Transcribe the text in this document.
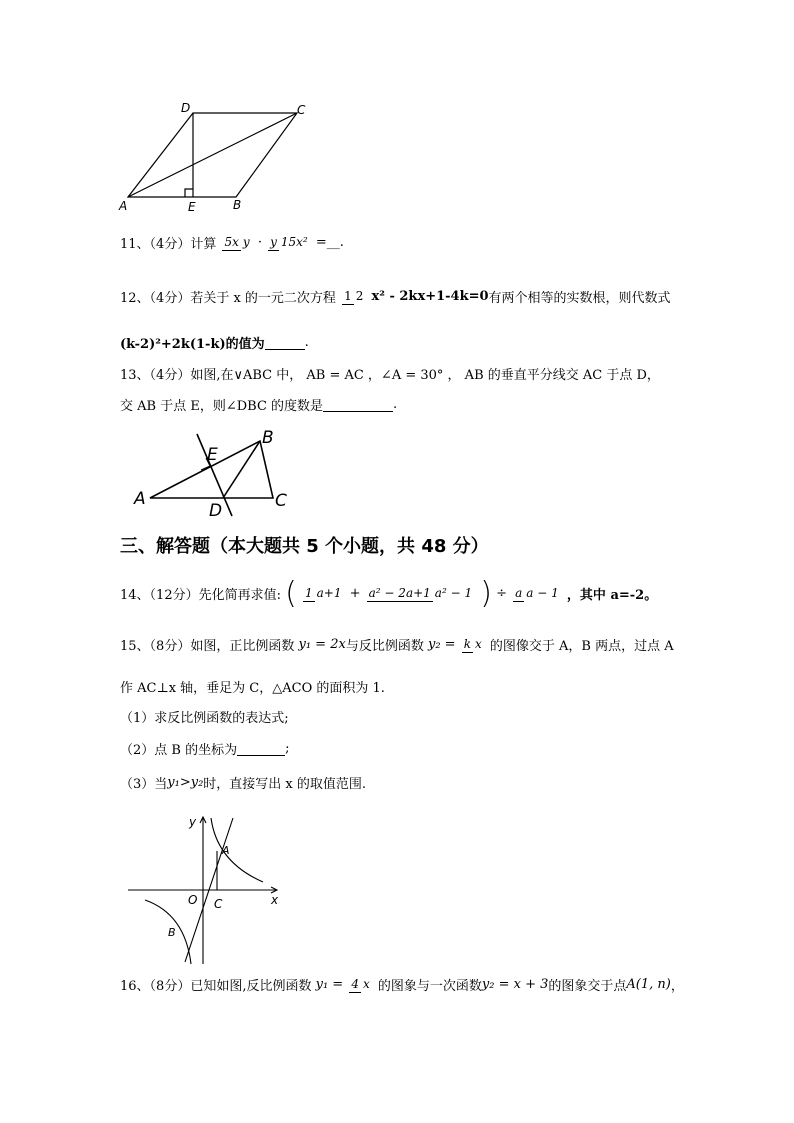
A	E	B
D	C
11、（4分）计算 5x y · y 15x² =__.
12、（4分）若关于 x 的一元二次方程 1 2 x² - 2kx+1-4k=0有两个相等的实数根，则代数式
(k-2)²+2k(1-k)的值为	.
13、（4分）如图,在∨ABC 中， AB = AC ，∠A = 30° ， AB 的垂直平分线交 AC 于点 D，
交 AB 于点 E，则∠DBC 的度数是	.
A
E
B
D	C
三、解答题（本大题共 5 个小题，共 48 分）
14、（12分）先化简再求值: ( 1 a+1 + a² − 2a+1 a² − 1 ) ÷ a a − 1 ，其中 a=-2。
15、（8分）如图，正比例函数 y₁ = 2x与反比例函数 y₂ = k x 的图像交于 A，B 两点，过点 A
作 AC⊥x 轴，垂足为 C，△ACO 的面积为 1.
（1）求反比例函数的表达式;
（2）点 B 的坐标为	;
（3）当y₁>y₂时，直接写出 x 的取值范围.
y
x
O
A
C
B
16、（8分）已知如图,反比例函数 y₁ = 4 x 的图象与一次函数y₂ = x + 3的图象交于点A(1, n)，
